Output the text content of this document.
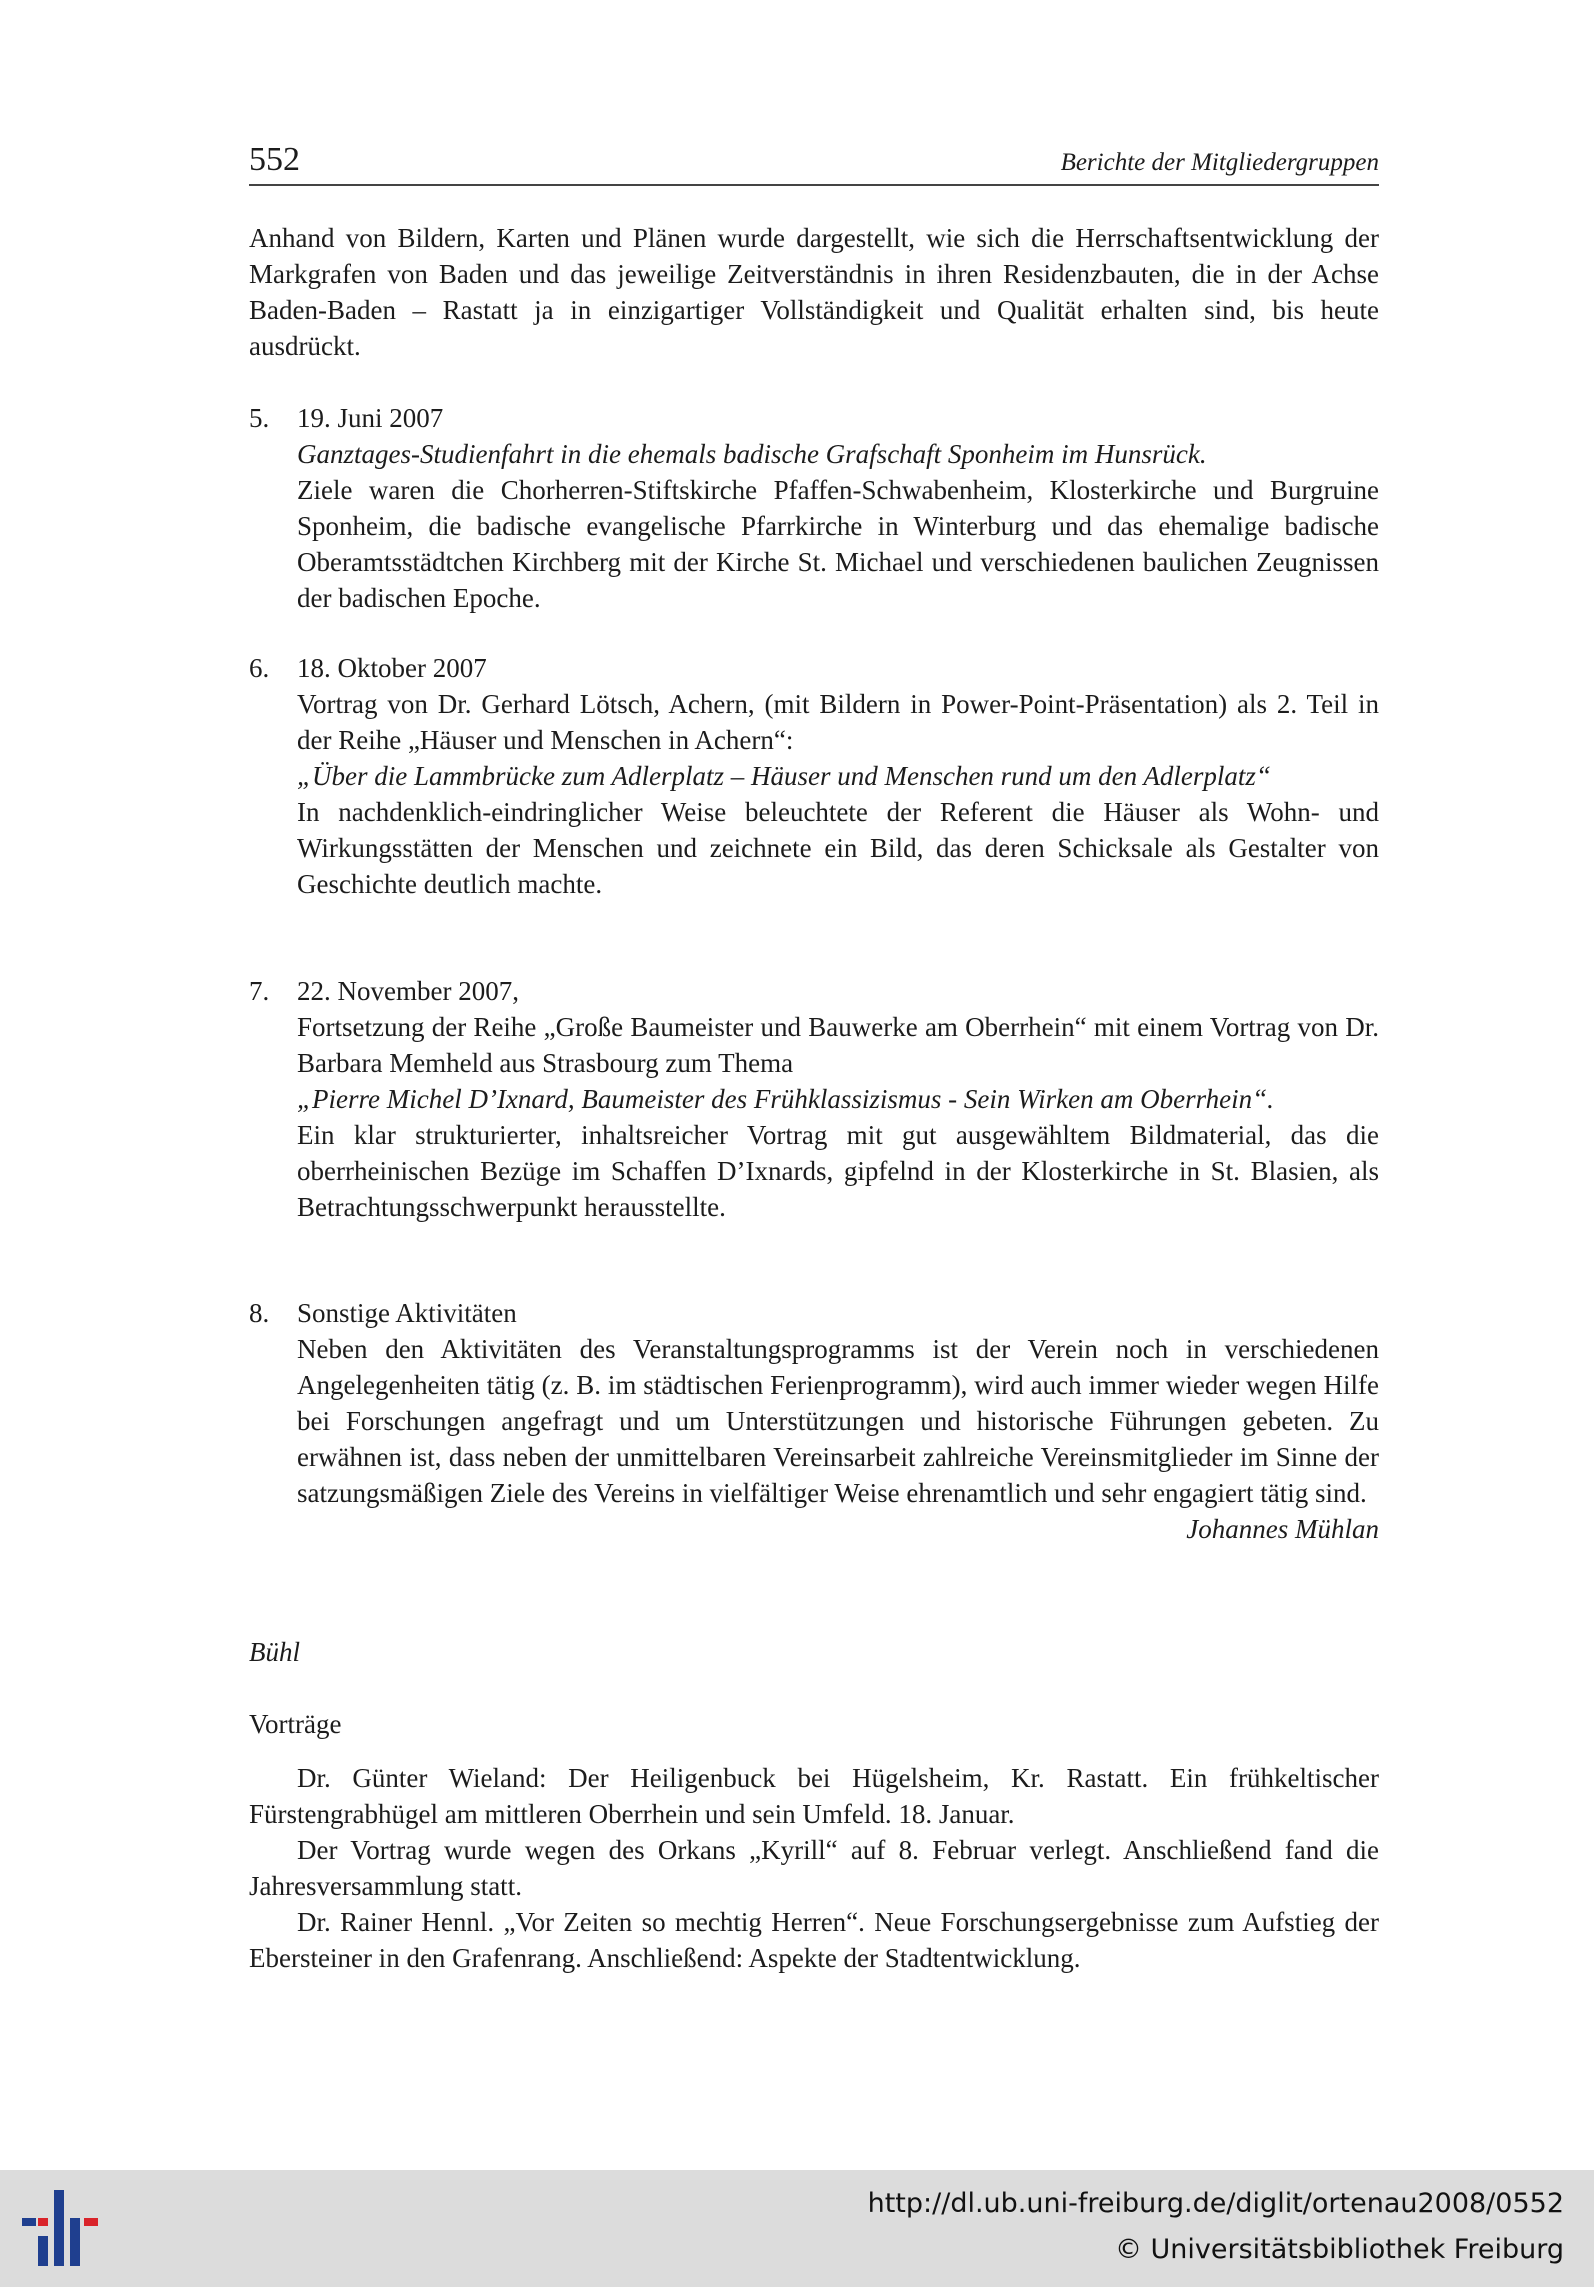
552	Berichte der Mitgliedergruppen
Anhand von Bildern, Karten und Plänen wurde dargestellt, wie sich die Herrschaftsentwicklung der Markgrafen von Baden und das jeweilige Zeitverständnis in ihren Residenzbauten, die in der Achse Baden-Baden – Rastatt ja in einzigartiger Vollständigkeit und Qualität erhalten sind, bis heute ausdrückt.
5. 19. Juni 2007

Ganztages-Studienfahrt in die ehemals badische Grafschaft Sponheim im Hunsrück.

Ziele waren die Chorherren-Stiftskirche Pfaffen-Schwabenheim, Klosterkirche und Burgruine Sponheim, die badische evangelische Pfarrkirche in Winterburg und das ehemalige badische Oberamtsstädtchen Kirchberg mit der Kirche St. Michael und verschiedenen baulichen Zeugnissen der badischen Epoche.

6. 18. Oktober 2007

Vortrag von Dr. Gerhard Lötsch, Achern, (mit Bildern in Power-Point-Präsentation) als 2. Teil in der Reihe „Häuser und Menschen in Achern“:

„Über die Lammbrücke zum Adlerplatz – Häuser und Menschen rund um den Adlerplatz“

In nachdenklich-eindringlicher Weise beleuchtete der Referent die Häuser als Wohn- und Wirkungsstätten der Menschen und zeichnete ein Bild, das deren Schicksale als Gestalter von Geschichte deutlich machte.

7. 22. November 2007,

Fortsetzung der Reihe „Große Baumeister und Bauwerke am Oberrhein“ mit einem Vortrag von Dr. Barbara Memheld aus Strasbourg zum Thema

„Pierre Michel D’Ixnard, Baumeister des Frühklassizismus - Sein Wirken am Oberrhein“.

Ein klar strukturierter, inhaltsreicher Vortrag mit gut ausgewähltem Bildmaterial, das die oberrheinischen Bezüge im Schaffen D’Ixnards, gipfelnd in der Klosterkirche in St. Blasien, als Betrachtungsschwerpunkt herausstellte.

8. Sonstige Aktivitäten

Neben den Aktivitäten des Veranstaltungsprogramms ist der Verein noch in verschiedenen Angelegenheiten tätig (z. B. im städtischen Ferienprogramm), wird auch immer wieder wegen Hilfe bei Forschungen angefragt und um Unterstützungen und historische Führungen gebeten. Zu erwähnen ist, dass neben der unmittelbaren Vereinsarbeit zahlreiche Vereinsmitglieder im Sinne der satzungsmäßigen Ziele des Vereins in vielfältiger Weise ehrenamtlich und sehr engagiert tätig sind.

Johannes Mühlan

Bühl
Vorträge

Dr. Günter Wieland: Der Heiligenbuck bei Hügelsheim, Kr. Rastatt. Ein frühkeltischer Fürstengrabhügel am mittleren Oberrhein und sein Umfeld. 18. Januar.

Der Vortrag wurde wegen des Orkans „Kyrill“ auf 8. Februar verlegt. Anschließend fand die Jahresversammlung statt.

Dr. Rainer Hennl. „Vor Zeiten so mechtig Herren“. Neue Forschungsergebnisse zum Aufstieg der Ebersteiner in den Grafenrang. Anschließend: Aspekte der Stadtentwicklung.

http://dl.ub.uni-freiburg.de/diglit/ortenau2008/0552
© Universitätsbibliothek Freiburg
